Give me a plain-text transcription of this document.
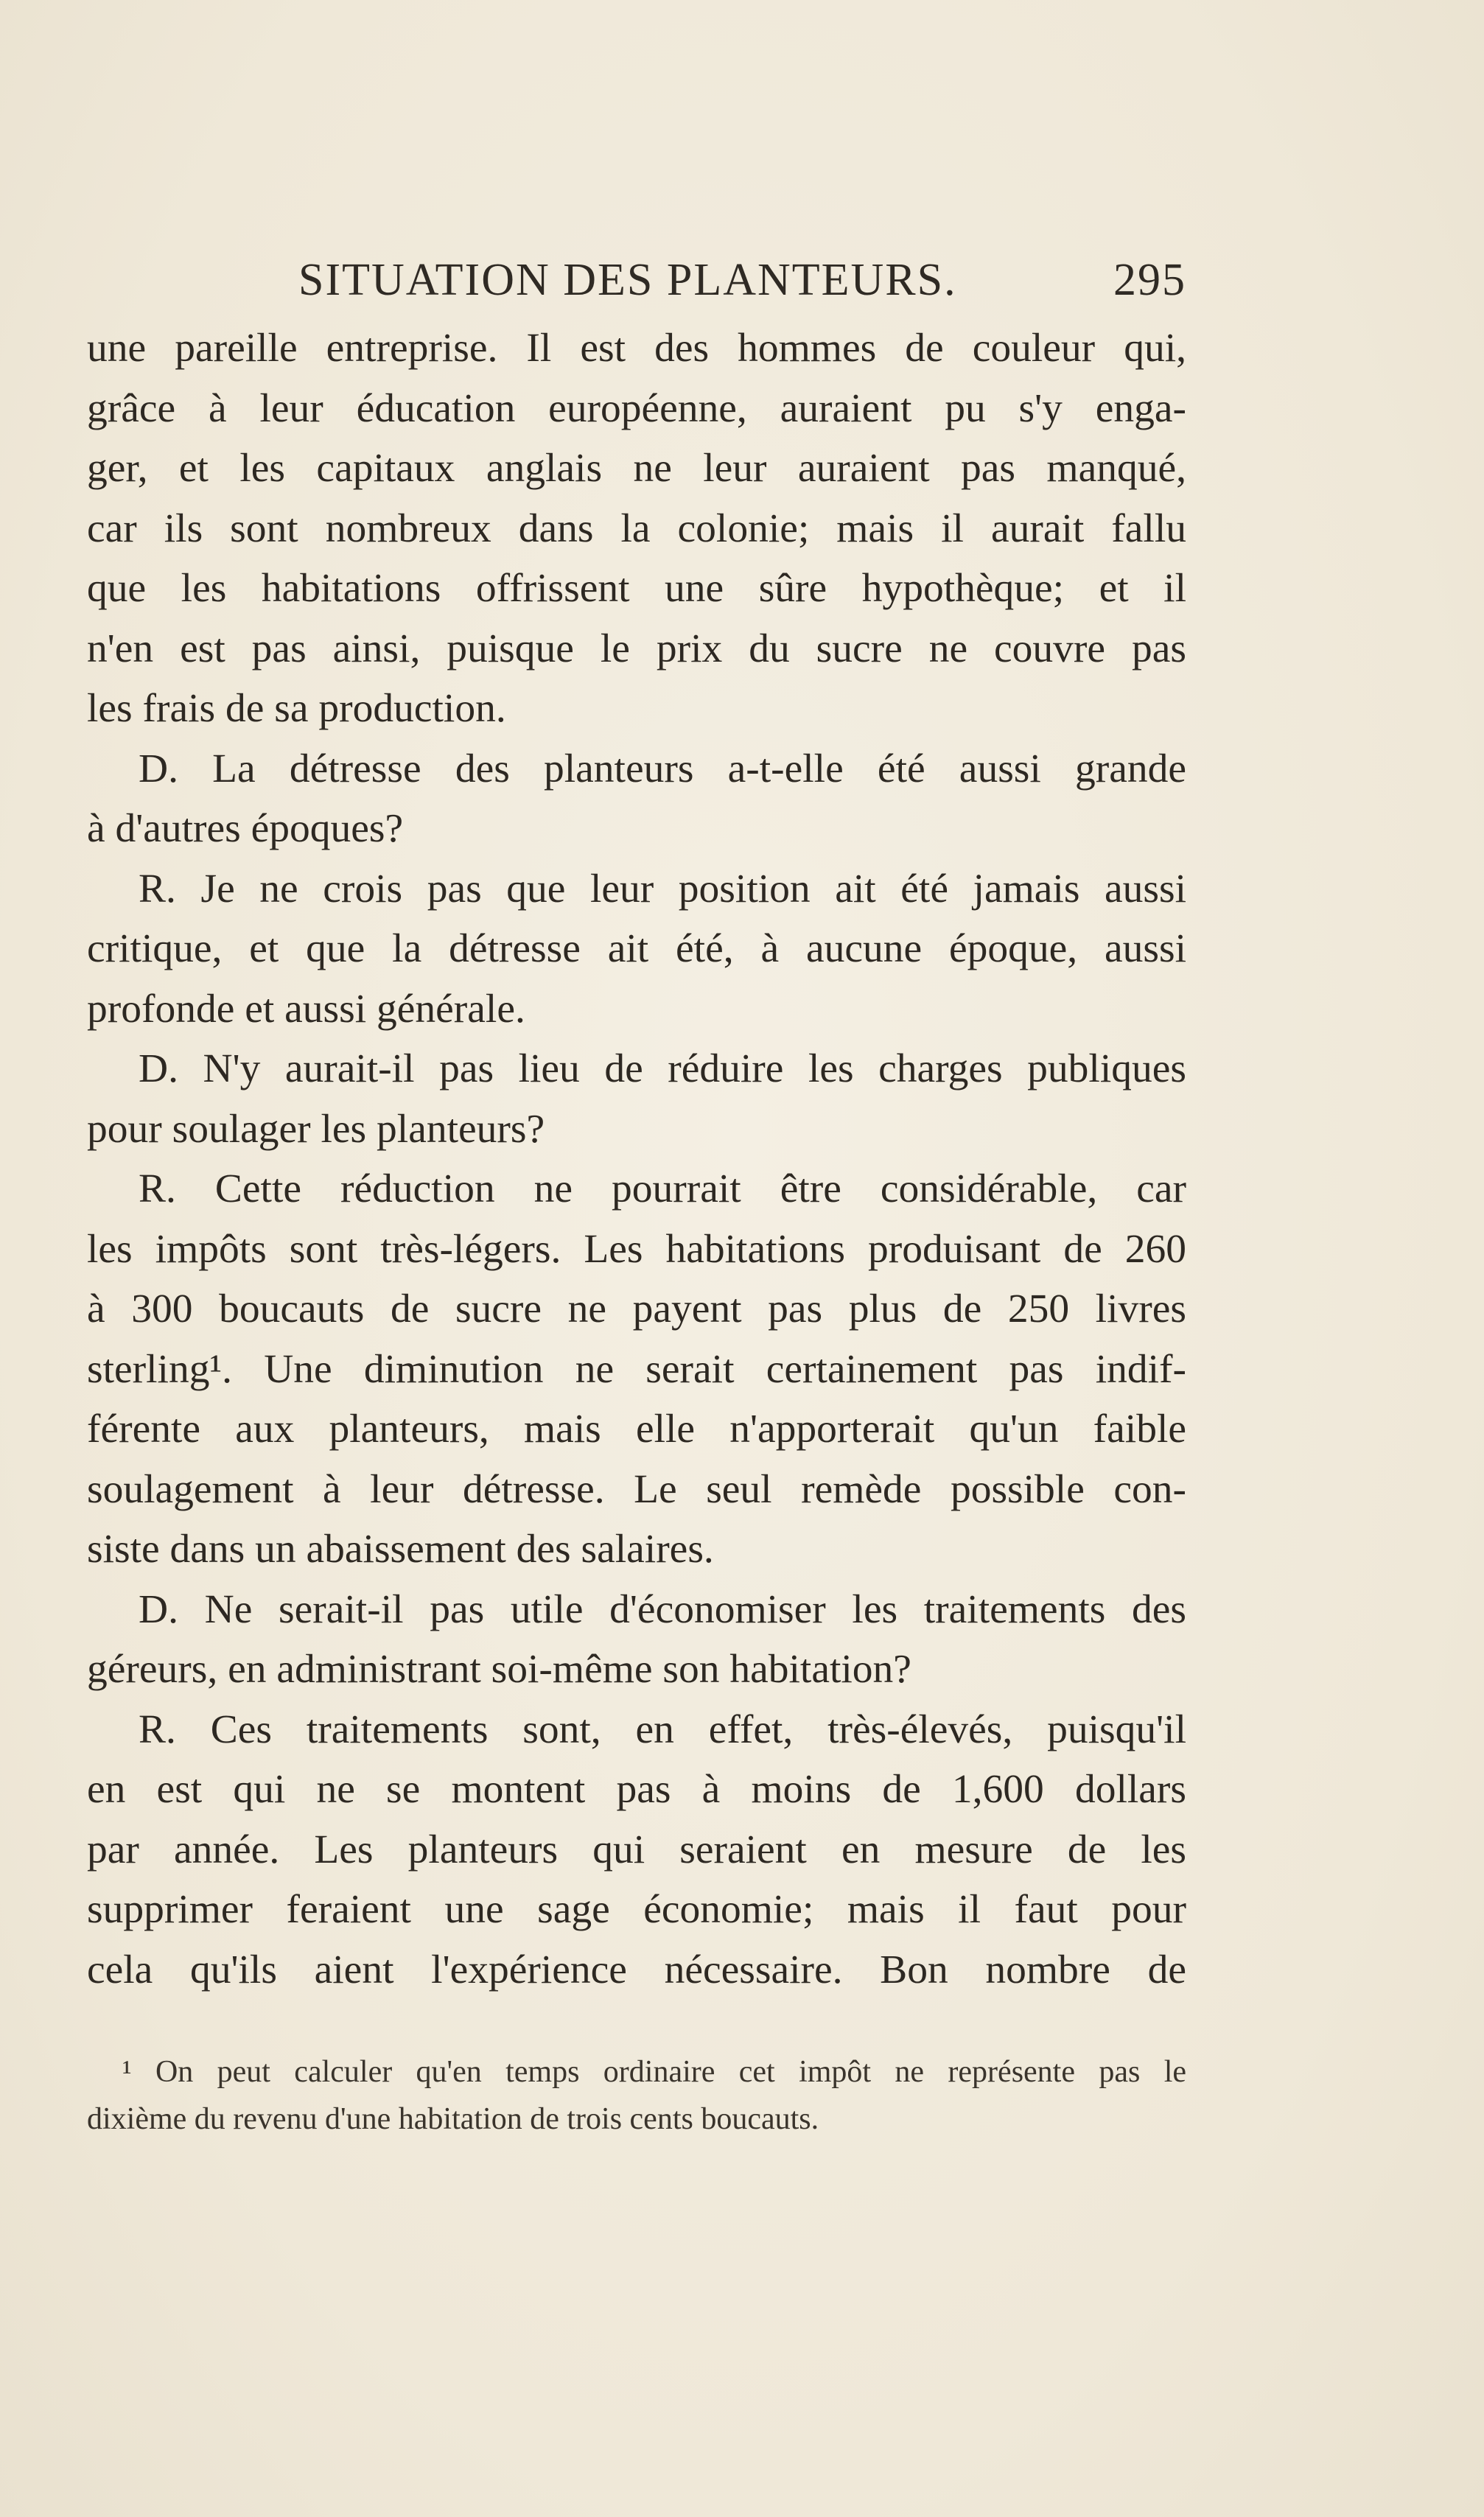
SITUATION DES PLANTEURS.	295
une pareille entreprise. Il est des hommes de couleur qui,
grâce à leur éducation européenne, auraient pu s'y enga-
ger, et les capitaux anglais ne leur auraient pas manqué,
car ils sont nombreux dans la colonie; mais il aurait fallu
que les habitations offrissent une sûre hypothèque; et il
n'en est pas ainsi, puisque le prix du sucre ne couvre pas
les frais de sa production.
D. La détresse des planteurs a-t-elle été aussi grande
à d'autres époques?
R. Je ne crois pas que leur position ait été jamais aussi
critique, et que la détresse ait été, à aucune époque, aussi
profonde et aussi générale.
D. N'y aurait-il pas lieu de réduire les charges publiques
pour soulager les planteurs?
R. Cette réduction ne pourrait être considérable, car
les impôts sont très-légers. Les habitations produisant de 260
à 300 boucauts de sucre ne payent pas plus de 250 livres
sterling¹. Une diminution ne serait certainement pas indif-
férente aux planteurs, mais elle n'apporterait qu'un faible
soulagement à leur détresse. Le seul remède possible con-
siste dans un abaissement des salaires.
D. Ne serait-il pas utile d'économiser les traitements des
géreurs, en administrant soi-même son habitation?
R. Ces traitements sont, en effet, très-élevés, puisqu'il
en est qui ne se montent pas à moins de 1,600 dollars
par année. Les planteurs qui seraient en mesure de les
supprimer feraient une sage économie; mais il faut pour
cela qu'ils aient l'expérience nécessaire. Bon nombre de
¹ On peut calculer qu'en temps ordinaire cet impôt ne représente pas le
dixième du revenu d'une habitation de trois cents boucauts.
